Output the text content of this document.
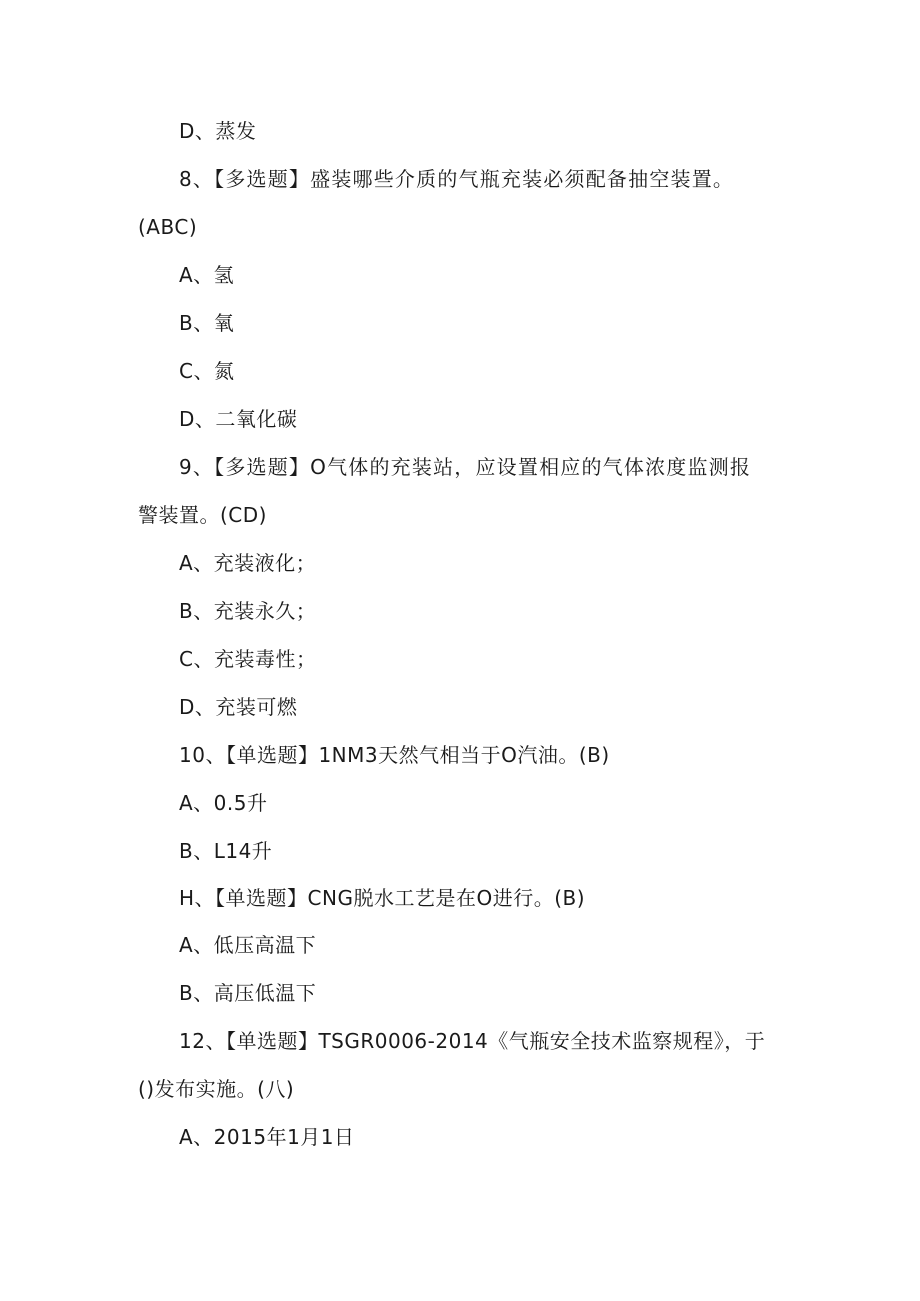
D、蒸发
8、【多选题】盛装哪些介质的气瓶充装必须配备抽空装置。
(ABC)
A、氢
B、氧
C、氮
D、二氧化碳
9、【多选题】O气体的充装站，应设置相应的气体浓度监测报
警装置。(CD)
A、充装液化；
B、充装永久；
C、充装毒性；
D、充装可燃
10、【单选题】1NM3天然气相当于O汽油。(B)
A、0.5升
B、L14升
H、【单选题】CNG脱水工艺是在O进行。(B)
A、低压高温下
B、高压低温下
12、【单选题】TSGR0006-2014《气瓶安全技术监察规程》，于
()发布实施。(八)
A、2015年1月1日
